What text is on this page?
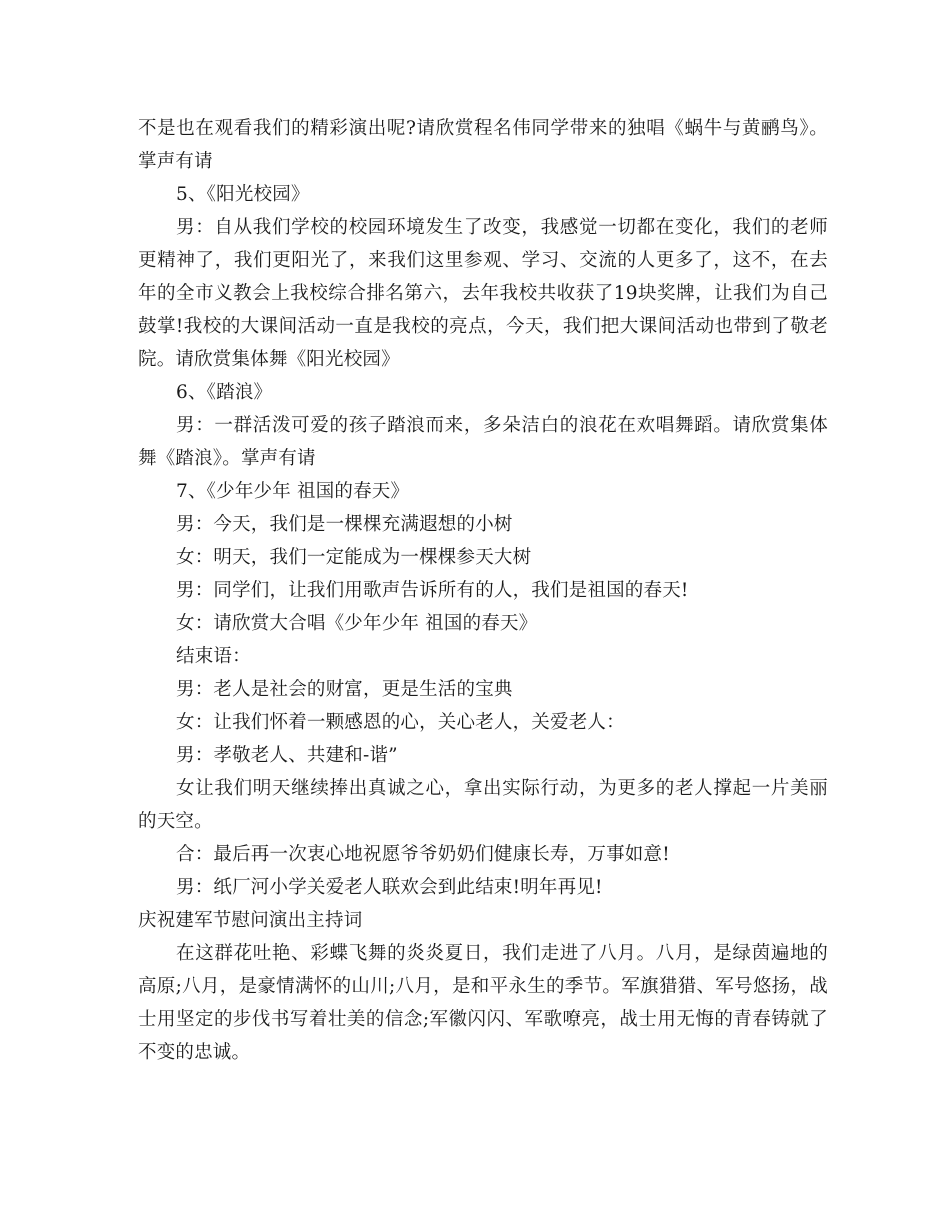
不是也在观看我们的精彩演出呢?请欣赏程名伟同学带来的独唱《蜗牛与黄鹂鸟》。掌声有请

5、《阳光校园》

男：自从我们学校的校园环境发生了改变，我感觉一切都在变化，我们的老师更精神了，我们更阳光了，来我们这里参观、学习、交流的人更多了，这不，在去年的全市义教会上我校综合排名第六，去年我校共收获了19块奖牌，让我们为自己鼓掌!我校的大课间活动一直是我校的亮点，今天，我们把大课间活动也带到了敬老院。请欣赏集体舞《阳光校园》

6、《踏浪》

男：一群活泼可爱的孩子踏浪而来，多朵洁白的浪花在欢唱舞蹈。请欣赏集体舞《踏浪》。掌声有请

7、《少年少年 祖国的春天》

男：今天，我们是一棵棵充满遐想的小树

女：明天，我们一定能成为一棵棵参天大树

男：同学们，让我们用歌声告诉所有的人，我们是祖国的春天!

女：请欣赏大合唱《少年少年 祖国的春天》

结束语：

男：老人是社会的财富，更是生活的宝典

女：让我们怀着一颗感恩的心，关心老人，关爱老人：

男：孝敬老人、共建和-谐”

女让我们明天继续捧出真诚之心，拿出实际行动，为更多的老人撑起一片美丽的天空。

合：最后再一次衷心地祝愿爷爷奶奶们健康长寿，万事如意!

男：纸厂河小学关爱老人联欢会到此结束!明年再见!

庆祝建军节慰问演出主持词

在这群花吐艳、彩蝶飞舞的炎炎夏日，我们走进了八月。八月，是绿茵遍地的高原;八月，是豪情满怀的山川;八月，是和平永生的季节。军旗猎猎、军号悠扬，战士用坚定的步伐书写着壮美的信念;军徽闪闪、军歌嘹亮，战士用无悔的青春铸就了不变的忠诚。
